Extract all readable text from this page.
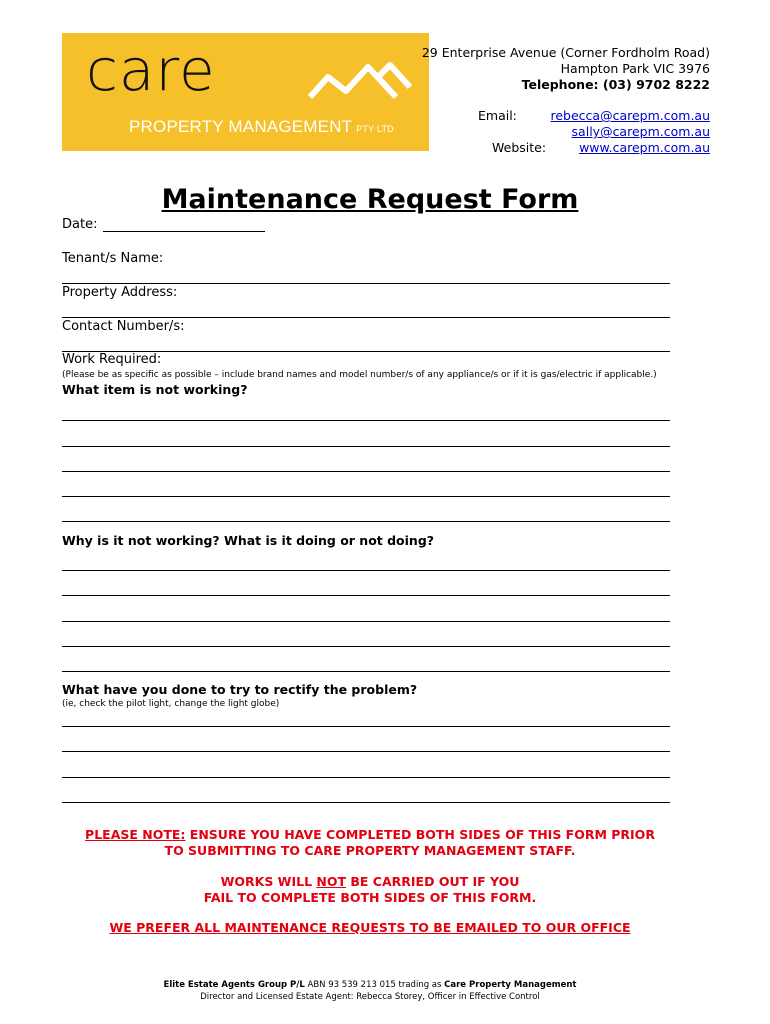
care
PROPERTY MANAGEMENT PTY LTD
29 Enterprise Avenue (Corner Fordholm Road)
Hampton Park VIC 3976
Telephone: (03) 9702 8222
Email:
Website:
rebecca@carepm.com.au
sally@carepm.com.au
www.carepm.com.au
Maintenance Request Form
Date:
Tenant/s Name:
Property Address:
Contact Number/s:
Work Required:
(Please be as specific as possible – include brand names and model number/s of any appliance/s or if it is gas/electric if applicable.)
What item is not working?
Why is it not working? What is it doing or not doing?
What have you done to try to rectify the problem?
(ie, check the pilot light, change the light globe)
PLEASE NOTE: ENSURE YOU HAVE COMPLETED BOTH SIDES OF THIS FORM PRIOR
TO SUBMITTING TO CARE PROPERTY MANAGEMENT STAFF.
WORKS WILL NOT BE CARRIED OUT IF YOU
FAIL TO COMPLETE BOTH SIDES OF THIS FORM.
WE PREFER ALL MAINTENANCE REQUESTS TO BE EMAILED TO OUR OFFICE
Elite Estate Agents Group P/L ABN 93 539 213 015 trading as Care Property Management
Director and Licensed Estate Agent: Rebecca Storey, Officer in Effective Control
